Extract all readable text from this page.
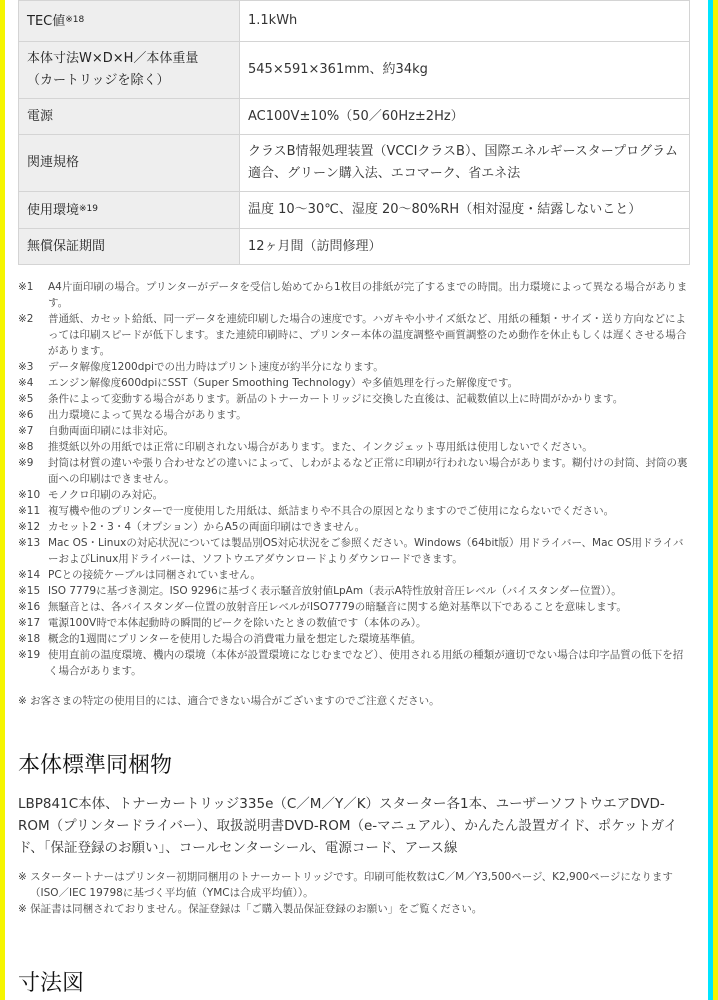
TEC値$^{※18}$	1.1kWh
本体寸法W×D×H／本体重量
（カートリッジを除く）	545×591×361mm、約34kg
電源	AC100V±10%（50／60Hz±2Hz）
関連規格	クラスB情報処理装置（VCCIクラスB）、国際エネルギースタープログラム適合、グリーン購入法、エコマーク、省エネ法
使用環境$^{※19}$	温度 10～30℃、湿度 20～80%RH（相対湿度・結露しないこと）
無償保証期間	12ヶ月間（訪問修理）
※1	A4片面印刷の場合。プリンターがデータを受信し始めてから1枚目の排紙が完了するまでの時間。出力環境によって異なる場合があります。
※2	普通紙、カセット給紙、同一データを連続印刷した場合の速度です。ハガキや小サイズ紙など、用紙の種類・サイズ・送り方向などによっては印刷スピードが低下します。また連続印刷時に、プリンター本体の温度調整や画質調整のため動作を休止もしくは遅くさせる場合があります。
※3	データ解像度1200dpiでの出力時はプリント速度が約半分になります。
※4	エンジン解像度600dpiにSST（Super Smoothing Technology）や多値処理を行った解像度です。
※5	条件によって変動する場合があります。新品のトナーカートリッジに交換した直後は、記載数値以上に時間がかかります。
※6	出力環境によって異なる場合があります。
※7	自動両面印刷には非対応。
※8	推奨紙以外の用紙では正常に印刷されない場合があります。また、インクジェット専用紙は使用しないでください。
※9	封筒は材質の違いや張り合わせなどの違いによって、しわがよるなど正常に印刷が行われない場合があります。糊付けの封筒、封筒の裏面への印刷はできません。
※10 モノクロ印刷のみ対応。
※11 複写機や他のプリンターで一度使用した用紙は、紙詰まりや不具合の原因となりますのでご使用にならないでください。
※12 カセット2・3・4（オプション）からA5の両面印刷はできません。
※13 Mac OS・Linuxの対応状況については製品別OS対応状況をご参照ください。Windows（64bit版）用ドライバー、Mac OS用ドライバーおよびLinux用ドライバーは、ソフトウエアダウンロードよりダウンロードできます。
※14 PCとの接続ケーブルは同梱されていません。
※15 ISO 7779に基づき測定。ISO 9296に基づく表示騒音放射値LpAm（表示A特性放射音圧レベル（バイスタンダー位置））。
※16 無騒音とは、各バイスタンダー位置の放射音圧レベルがISO7779の暗騒音に関する絶対基準以下であることを意味します。
※17 電源100V時で本体起動時の瞬間的ピークを除いたときの数値です（本体のみ）。
※18 概念的1週間にプリンターを使用した場合の消費電力量を想定した環境基準値。
※19 使用直前の温度環境、機内の環境（本体が設置環境になじむまでなど）、使用される用紙の種類が適切でない場合は印字品質の低下を招く場合があります。
※ お客さまの特定の使用目的には、適合できない場合がございますのでご注意ください。
本体標準同梱物
LBP841C本体、トナーカートリッジ335e（C／M／Y／K）スターター各1本、ユーザーソフトウエアDVD-ROM（プリンタードライバー）、取扱説明書DVD-ROM（e-マニュアル）、かんたん設置ガイド、ポケットガイド、「保証登録のお願い」、コールセンターシール、電源コード、アース線
※ スタータートナーはプリンター初期同梱用のトナーカートリッジです。印刷可能枚数はC／M／Y3,500ページ、K2,900ページになります（ISO／IEC 19798に基づく平均値（YMCは合成平均値））。
※ 保証書は同梱されておりません。保証登録は「ご購入製品保証登録のお願い」をご覧ください。
寸法図
